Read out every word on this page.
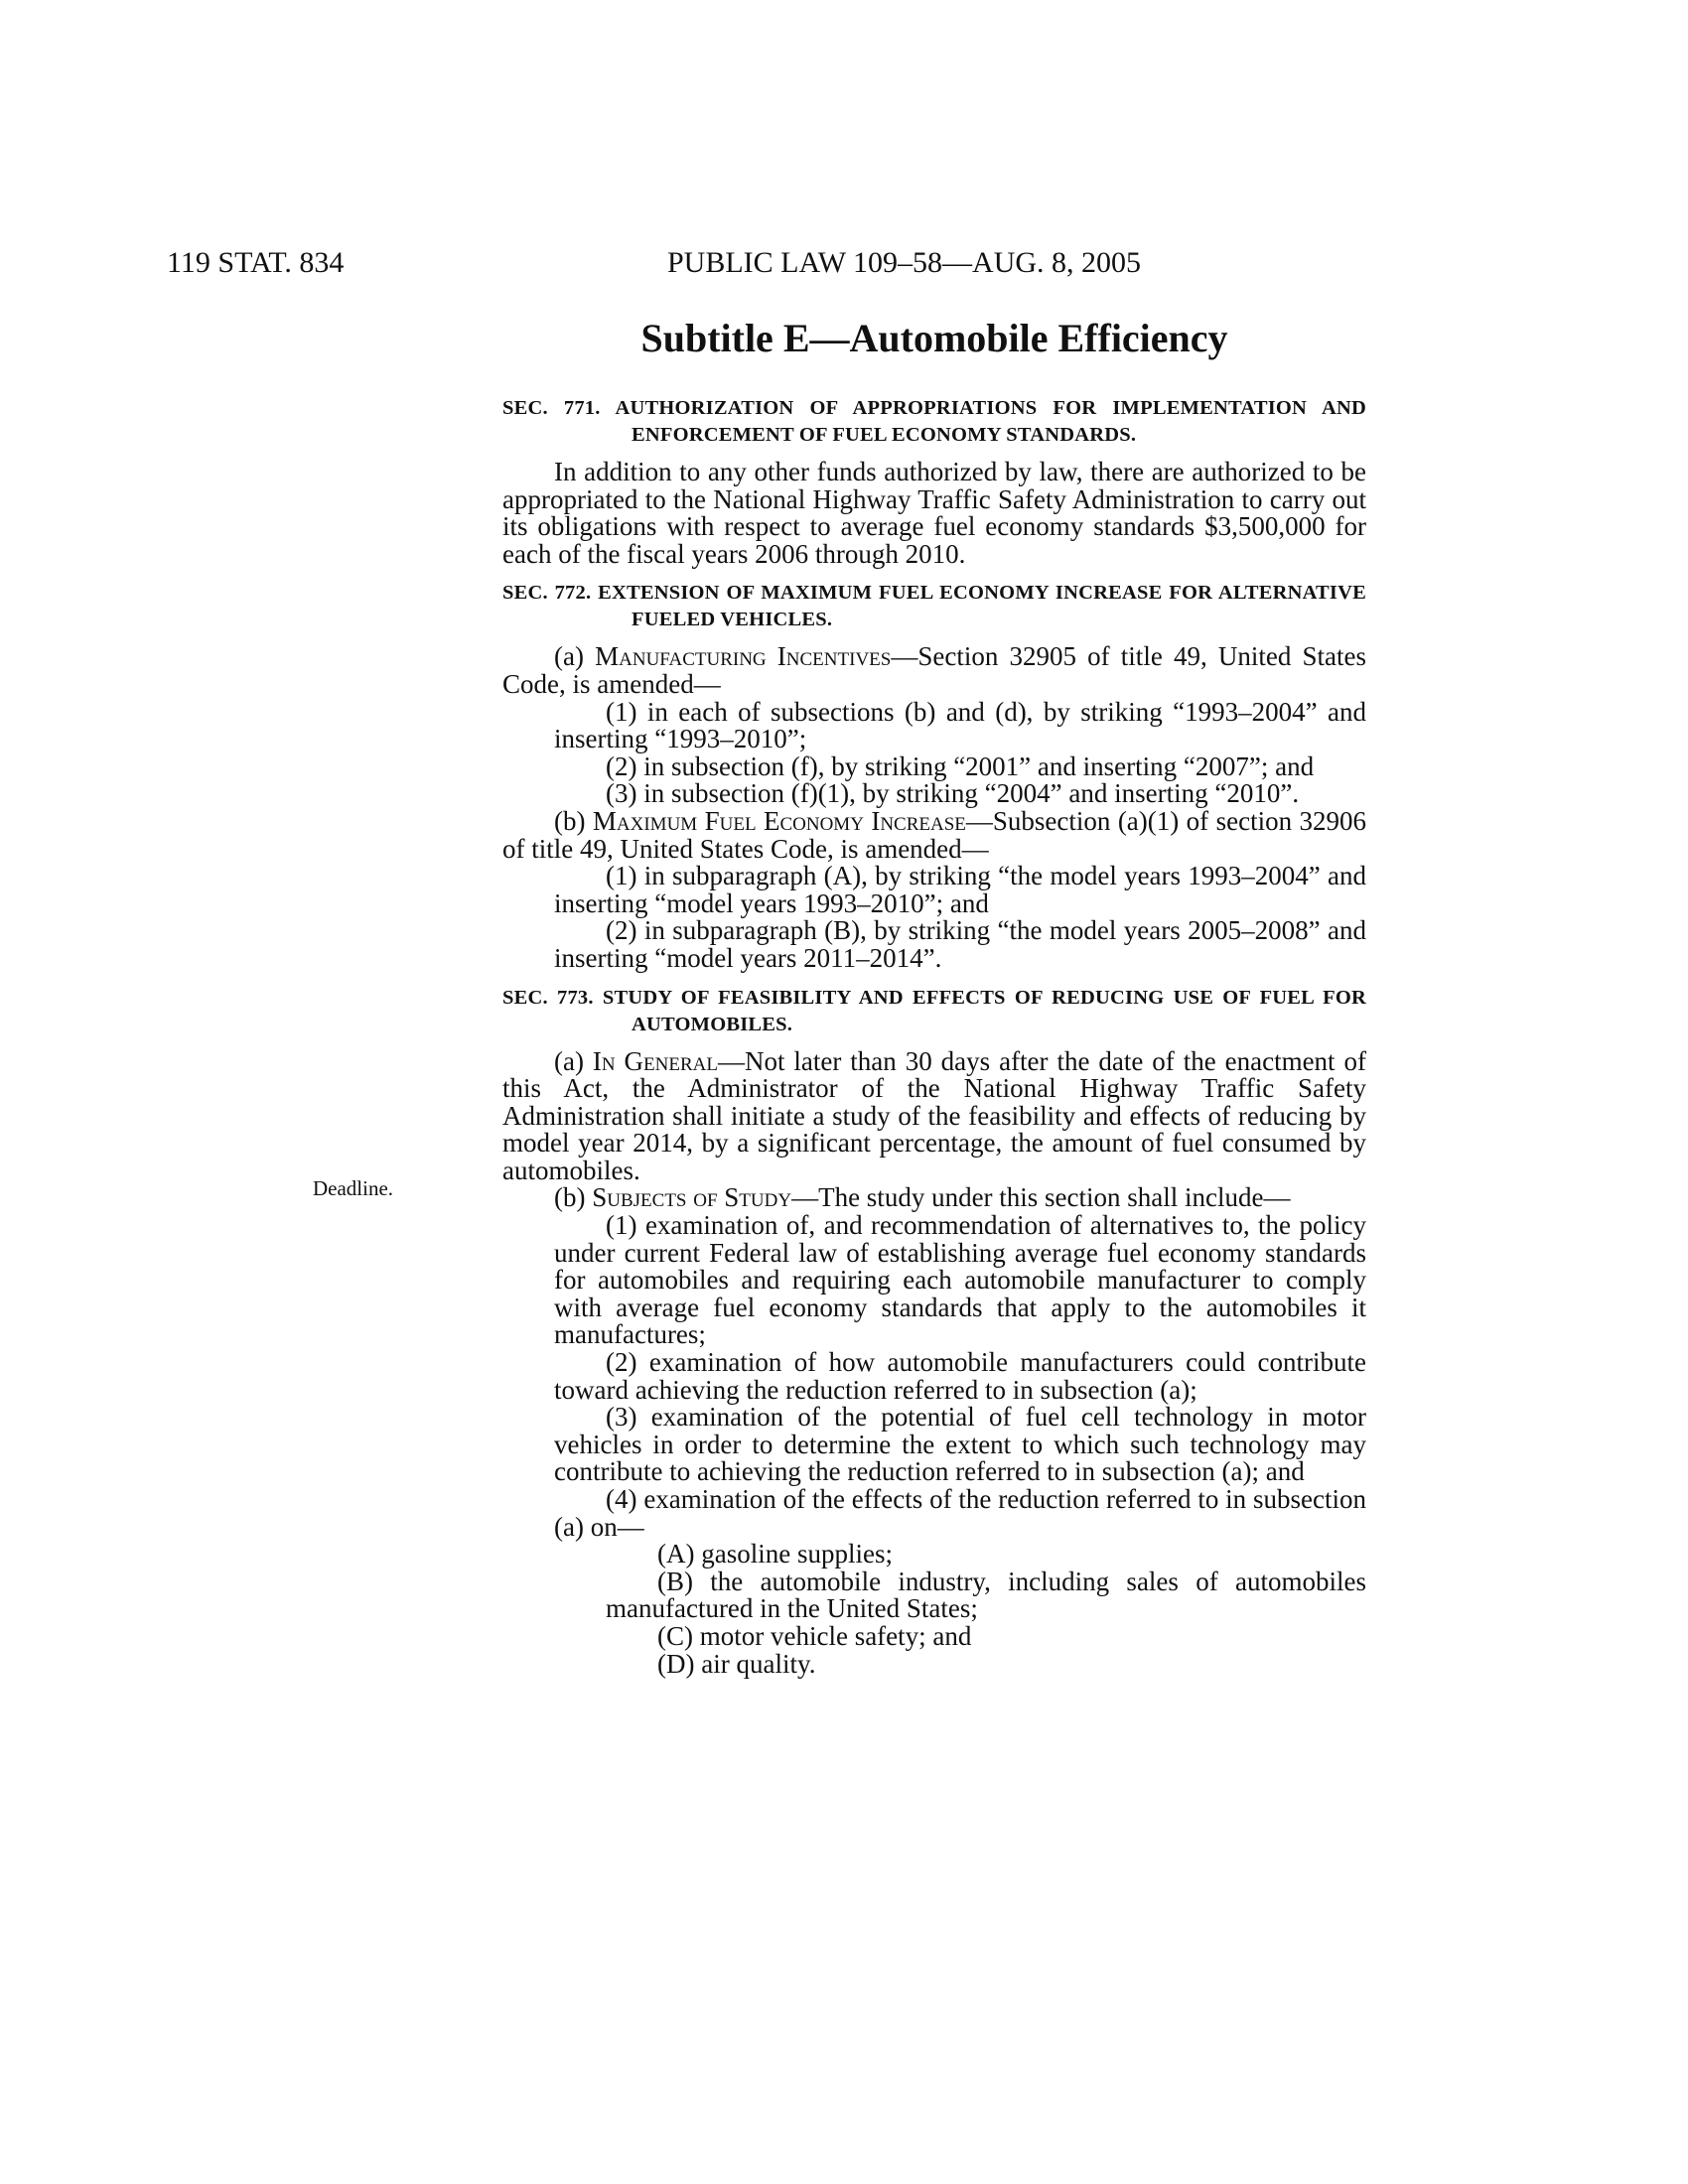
119 STAT. 834	PUBLIC LAW 109–58—AUG. 8, 2005
Subtitle E—Automobile Efficiency
Deadline.
SEC. 771. AUTHORIZATION OF APPROPRIATIONS FOR IMPLEMENTATION AND ENFORCEMENT OF FUEL ECONOMY STANDARDS.

In addition to any other funds authorized by law, there are authorized to be appropriated to the National Highway Traffic Safety Administration to carry out its obligations with respect to average fuel economy standards $3,500,000 for each of the fiscal years 2006 through 2010.

SEC. 772. EXTENSION OF MAXIMUM FUEL ECONOMY INCREASE FOR ALTERNATIVE FUELED VEHICLES.

(a) Manufacturing Incentives—Section 32905 of title 49, United States Code, is amended—

(1) in each of subsections (b) and (d), by striking “1993–2004” and inserting “1993–2010”;

(2) in subsection (f), by striking “2001” and inserting “2007”; and

(3) in subsection (f)(1), by striking “2004” and inserting “2010”.

(b) Maximum Fuel Economy Increase—Subsection (a)(1) of section 32906 of title 49, United States Code, is amended—

(1) in subparagraph (A), by striking “the model years 1993–2004” and inserting “model years 1993–2010”; and

(2) in subparagraph (B), by striking “the model years 2005–2008” and inserting “model years 2011–2014”.

SEC. 773. STUDY OF FEASIBILITY AND EFFECTS OF REDUCING USE OF FUEL FOR AUTOMOBILES.

(a) In General—Not later than 30 days after the date of the enactment of this Act, the Administrator of the National Highway Traffic Safety Administration shall initiate a study of the feasibility and effects of reducing by model year 2014, by a significant percentage, the amount of fuel consumed by automobiles.

(b) Subjects of Study—The study under this section shall include—

(1) examination of, and recommendation of alternatives to, the policy under current Federal law of establishing average fuel economy standards for automobiles and requiring each automobile manufacturer to comply with average fuel economy standards that apply to the automobiles it manufactures;

(2) examination of how automobile manufacturers could contribute toward achieving the reduction referred to in subsection (a);

(3) examination of the potential of fuel cell technology in motor vehicles in order to determine the extent to which such technology may contribute to achieving the reduction referred to in subsection (a); and

(4) examination of the effects of the reduction referred to in subsection (a) on—

(A) gasoline supplies;

(B) the automobile industry, including sales of automobiles manufactured in the United States;

(C) motor vehicle safety; and

(D) air quality.
